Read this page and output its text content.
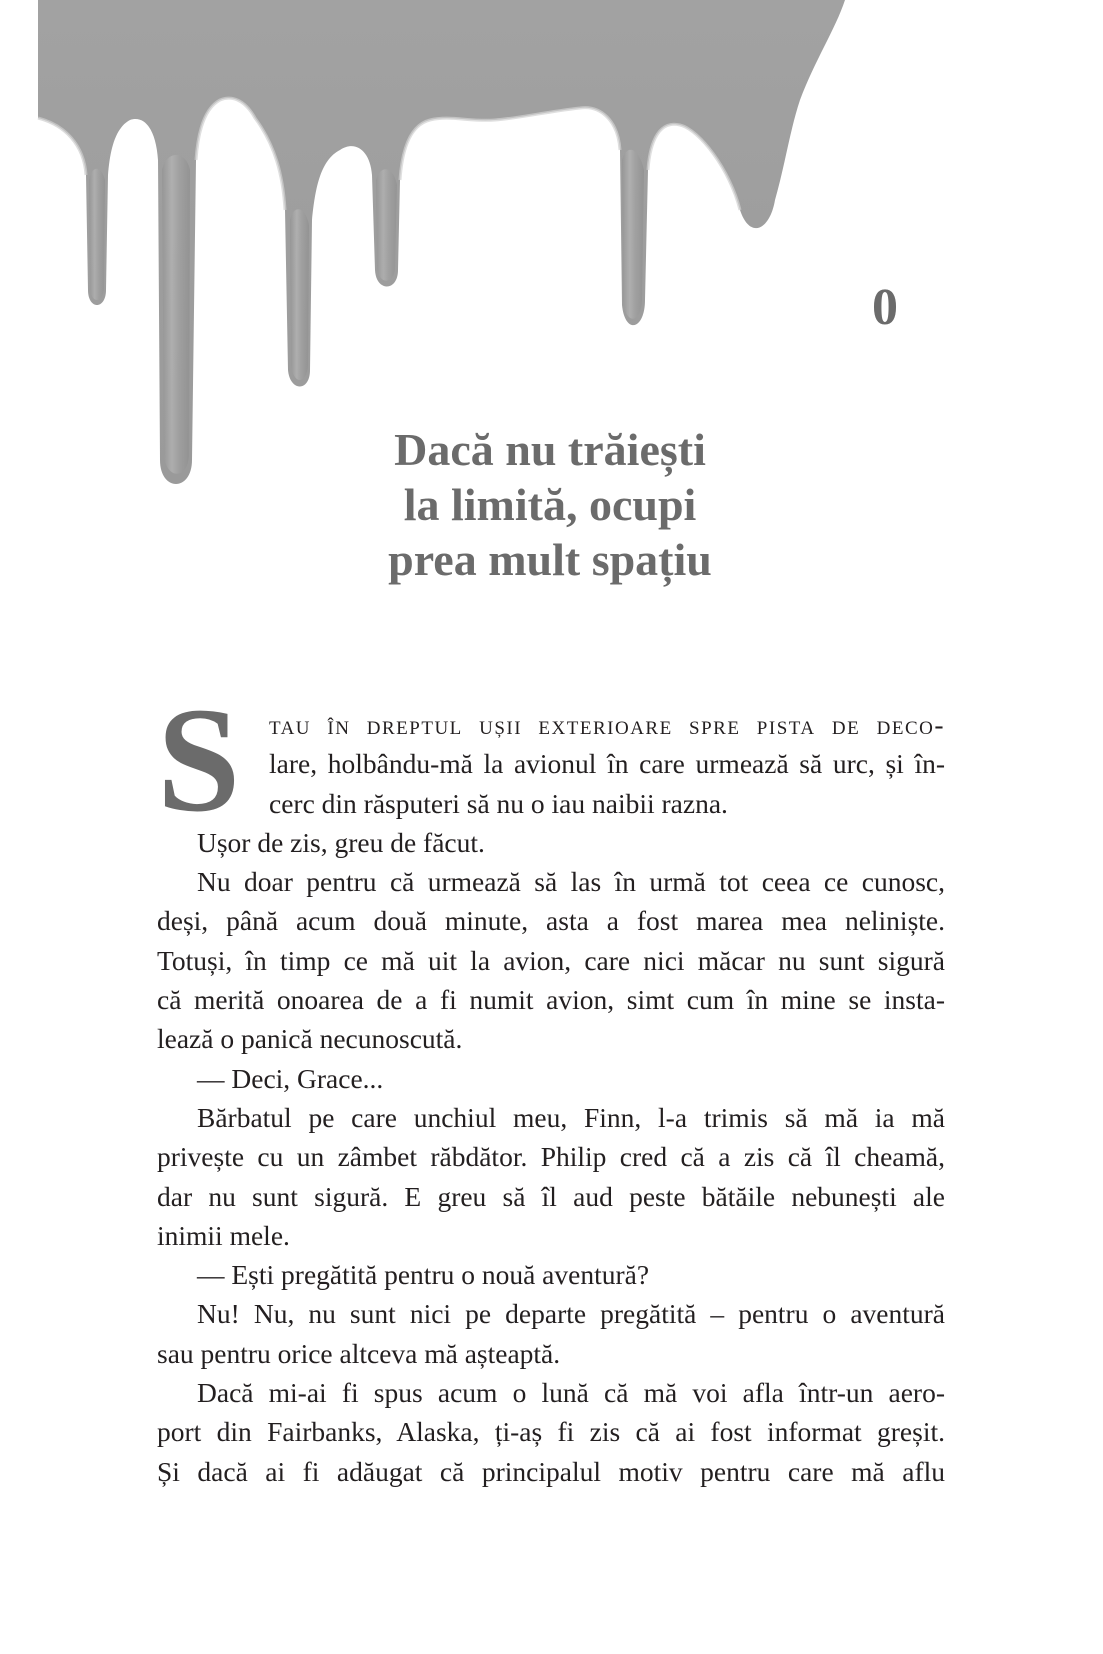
0
Dacă nu trăiești
la limită, ocupi
prea mult spațiu
S	tau în dreptul ușii exterioare spre pista de deco-
lare, holbându-mă la avionul în care urmează să urc, și în-
cerc din răsputeri să nu o iau naibii razna.
Ușor de zis, greu de făcut.
Nu doar pentru că urmează să las în urmă tot ceea ce cunosc,
deși, până acum două minute, asta a fost marea mea neliniște.
Totuși, în timp ce mă uit la avion, care nici măcar nu sunt sigură
că merită onoarea de a fi numit avion, simt cum în mine se insta-
lează o panică necunoscută.
— Deci, Grace...
Bărbatul pe care unchiul meu, Finn, l-a trimis să mă ia mă
privește cu un zâmbet răbdător. Philip cred că a zis că îl cheamă,
dar nu sunt sigură. E greu să îl aud peste bătăile nebunești ale
inimii mele.
— Ești pregătită pentru o nouă aventură?
Nu! Nu, nu sunt nici pe departe pregătită – pentru o aventură
sau pentru orice altceva mă așteaptă.
Dacă mi-ai fi spus acum o lună că mă voi afla într-un aero-
port din Fairbanks, Alaska, ți-aș fi zis că ai fost informat greșit.
Și dacă ai fi adăugat că principalul motiv pentru care mă aflu
